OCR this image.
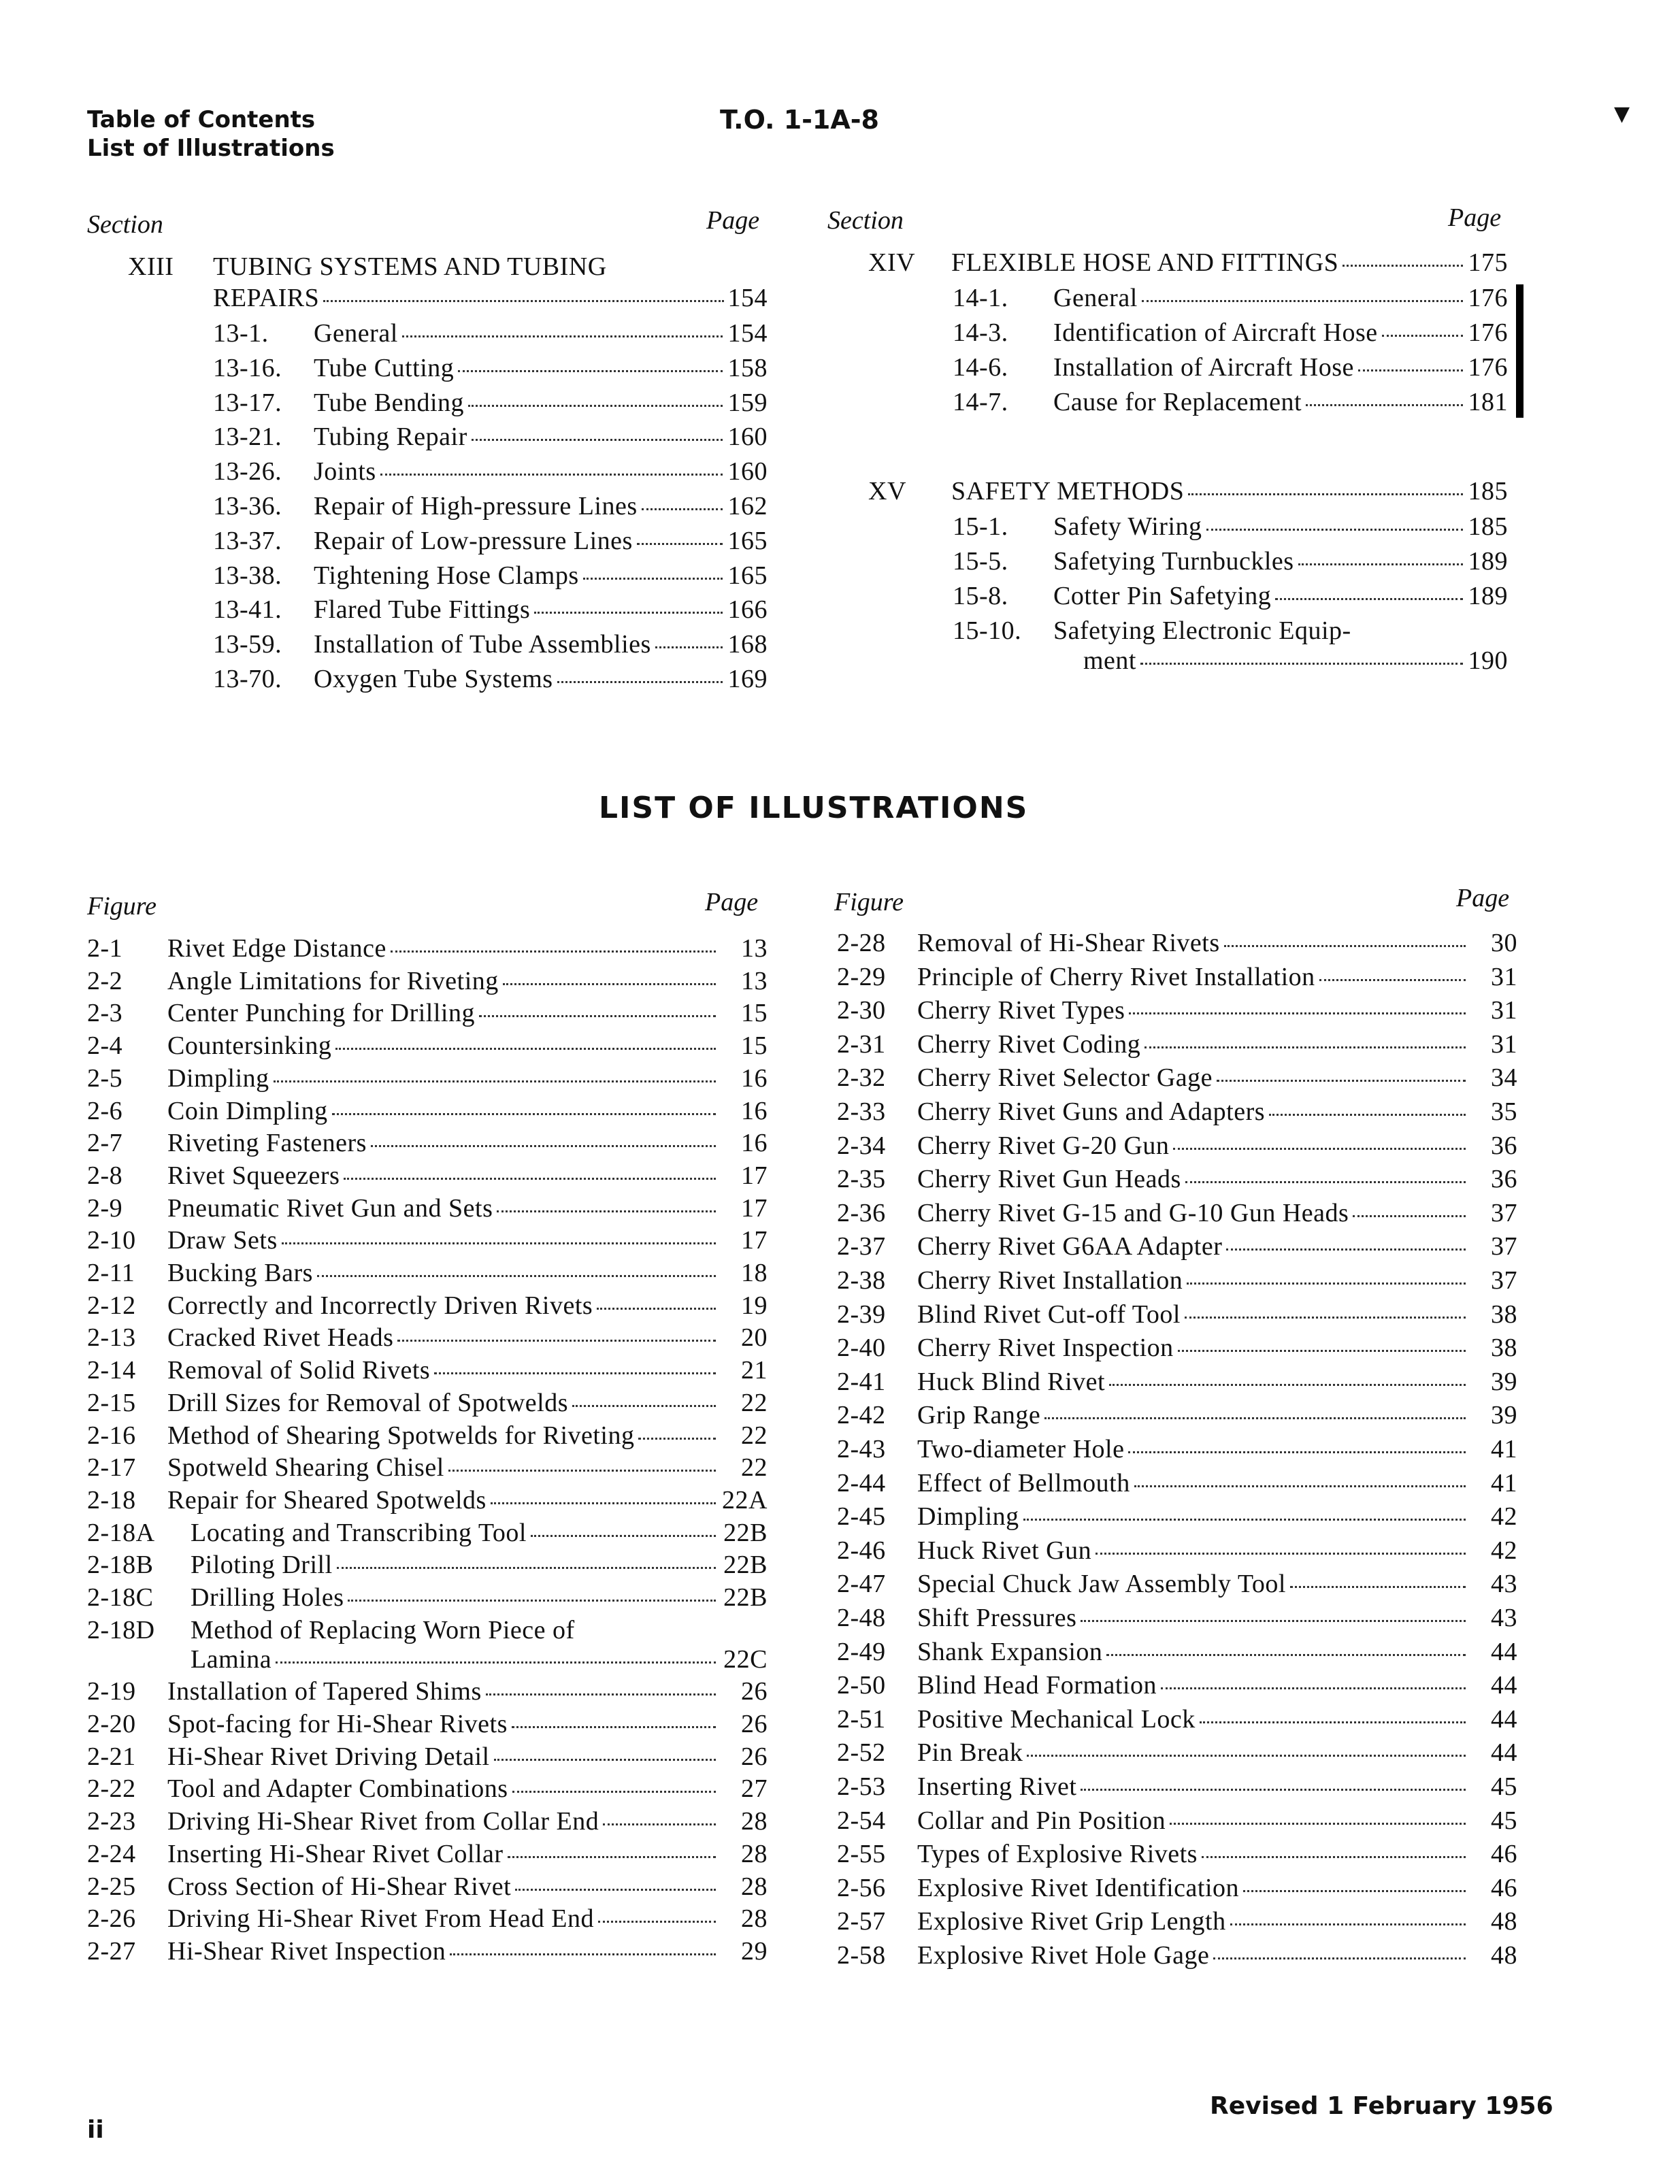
Table of Contents
List of Illustrations
T.O. 1-1A-8	▼
Section	Page	Section	Page
XIII	TUBING SYSTEMS AND TUBING
REPAIRS	154
13-1.	General	154
13-16.	Tube Cutting	158
13-17.	Tube Bending	159
13-21.	Tubing Repair	160
13-26.	Joints	160
13-36.	Repair of High-pressure Lines	162
13-37.	Repair of Low-pressure Lines	165
13-38.	Tightening Hose Clamps	165
13-41.	Flared Tube Fittings	166
13-59.	Installation of Tube Assemblies	168
13-70.	Oxygen Tube Systems	169
XIV	FLEXIBLE HOSE AND FITTINGS	175
14-1.	General	176
14-3.	Identification of Aircraft Hose	176
14-6.	Installation of Aircraft Hose	176
14-7.	Cause for Replacement	181
XV	SAFETY METHODS	185
15-1.	Safety Wiring	185
15-5.	Safetying Turnbuckles	189
15-8.	Cotter Pin Safetying	189
15-10.	Safetying Electronic Equip-
ment	190
LIST OF ILLUSTRATIONS
Figure	Page	Figure	Page
2-1	Rivet Edge Distance	13
2-2	Angle Limitations for Riveting	13
2-3	Center Punching for Drilling	15
2-4	Countersinking	15
2-5	Dimpling	16
2-6	Coin Dimpling	16
2-7	Riveting Fasteners	16
2-8	Rivet Squeezers	17
2-9	Pneumatic Rivet Gun and Sets	17
2-10	Draw Sets	17
2-11	Bucking Bars	18
2-12	Correctly and Incorrectly Driven Rivets	19
2-13	Cracked Rivet Heads	20
2-14	Removal of Solid Rivets	21
2-15	Drill Sizes for Removal of Spotwelds	22
2-16	Method of Shearing Spotwelds for Riveting	22
2-17	Spotweld Shearing Chisel	22
2-18	Repair for Sheared Spotwelds	22A
2-18A	Locating and Transcribing Tool	22B
2-18B	Piloting Drill	22B
2-18C	Drilling Holes	22B
2-18D	Method of Replacing Worn Piece of
Lamina	22C
2-19	Installation of Tapered Shims	26
2-20	Spot-facing for Hi-Shear Rivets	26
2-21	Hi-Shear Rivet Driving Detail	26
2-22	Tool and Adapter Combinations	27
2-23	Driving Hi-Shear Rivet from Collar End	28
2-24	Inserting Hi-Shear Rivet Collar	28
2-25	Cross Section of Hi-Shear Rivet	28
2-26	Driving Hi-Shear Rivet From Head End	28
2-27	Hi-Shear Rivet Inspection	29
2-28	Removal of Hi-Shear Rivets	30
2-29	Principle of Cherry Rivet Installation	31
2-30	Cherry Rivet Types	31
2-31	Cherry Rivet Coding	31
2-32	Cherry Rivet Selector Gage	34
2-33	Cherry Rivet Guns and Adapters	35
2-34	Cherry Rivet G-20 Gun	36
2-35	Cherry Rivet Gun Heads	36
2-36	Cherry Rivet G-15 and G-10 Gun Heads	37
2-37	Cherry Rivet G6AA Adapter	37
2-38	Cherry Rivet Installation	37
2-39	Blind Rivet Cut-off Tool	38
2-40	Cherry Rivet Inspection	38
2-41	Huck Blind Rivet	39
2-42	Grip Range	39
2-43	Two-diameter Hole	41
2-44	Effect of Bellmouth	41
2-45	Dimpling	42
2-46	Huck Rivet Gun	42
2-47	Special Chuck Jaw Assembly Tool	43
2-48	Shift Pressures	43
2-49	Shank Expansion	44
2-50	Blind Head Formation	44
2-51	Positive Mechanical Lock	44
2-52	Pin Break	44
2-53	Inserting Rivet	45
2-54	Collar and Pin Position	45
2-55	Types of Explosive Rivets	46
2-56	Explosive Rivet Identification	46
2-57	Explosive Rivet Grip Length	48
2-58	Explosive Rivet Hole Gage	48
ii
Revised 1 February 1956
